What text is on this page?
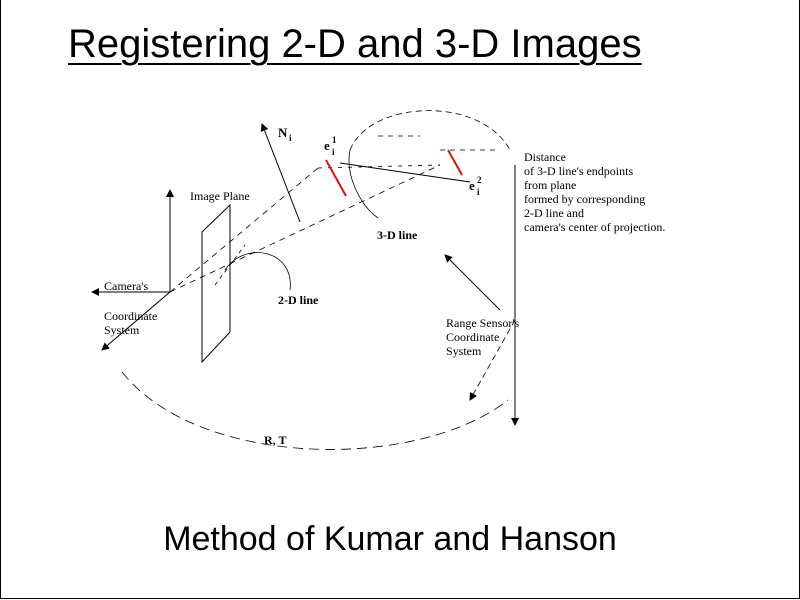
Registering 2-D and 3-D Images
N i e 1
i
e 2
i
Image Plane
3-D line
2-D line
Camera's
Coordinate
System	Range Sensor's
Coordinate
System
R, T
Distance
of 3-D line's endpoints
from plane
formed by corresponding
2-D line and
camera's center of projection.
Method of Kumar and Hanson
